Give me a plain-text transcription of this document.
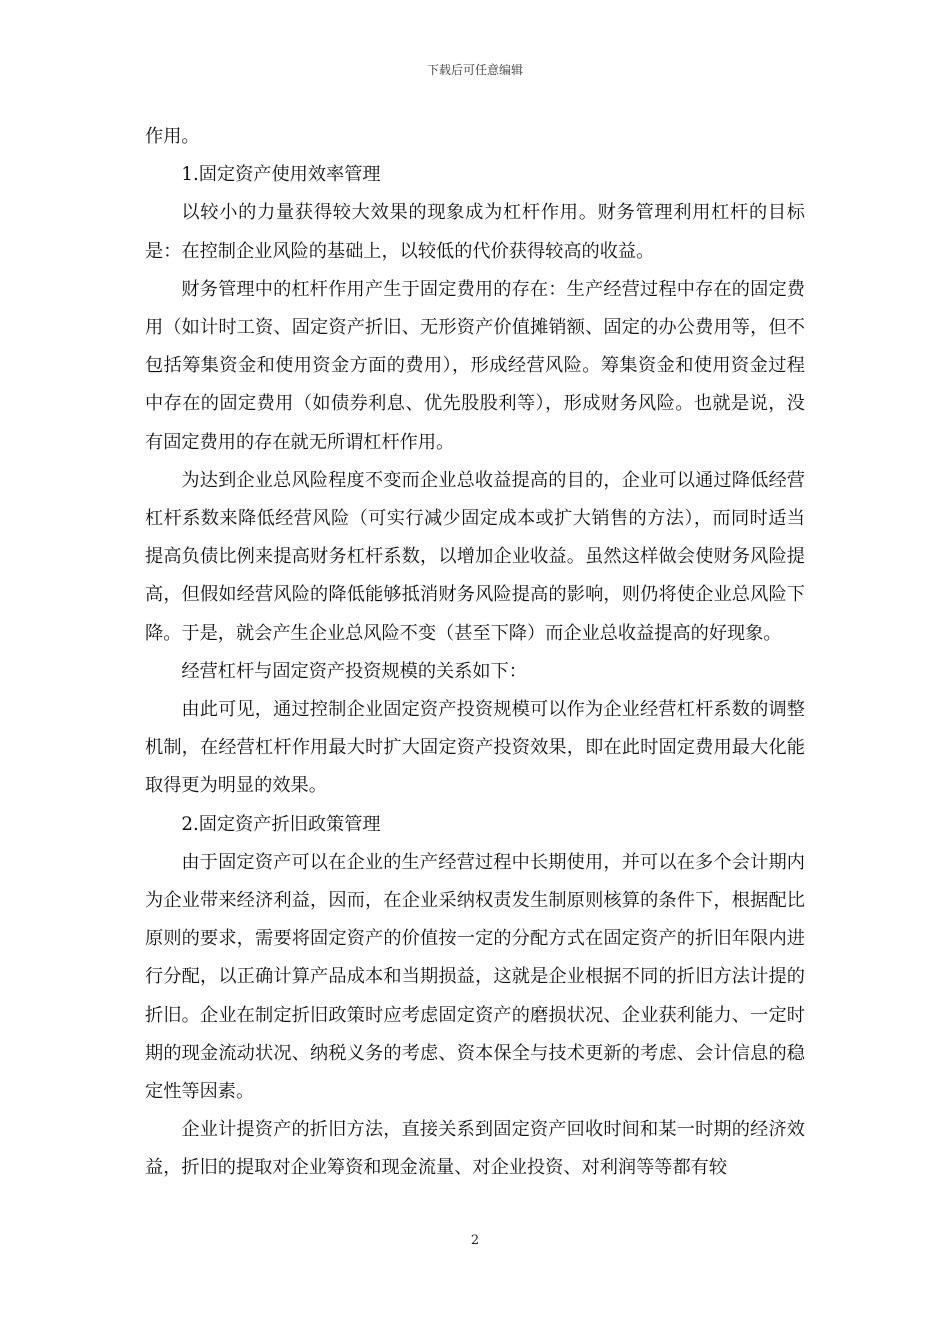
下载后可任意编辑

作用。

1.固定资产使用效率管理

以较小的力量获得较大效果的现象成为杠杆作用。财务管理利用杠杆的目标是：在控制企业风险的基础上，以较低的代价获得较高的收益。

财务管理中的杠杆作用产生于固定费用的存在：生产经营过程中存在的固定费用（如计时工资、固定资产折旧、无形资产价值摊销额、固定的办公费用等，但不包括筹集资金和使用资金方面的费用），形成经营风险。筹集资金和使用资金过程中存在的固定费用（如债券利息、优先股股利等），形成财务风险。也就是说，没有固定费用的存在就无所谓杠杆作用。

为达到企业总风险程度不变而企业总收益提高的目的，企业可以通过降低经营杠杆系数来降低经营风险（可实行减少固定成本或扩大销售的方法），而同时适当提高负债比例来提高财务杠杆系数，以增加企业收益。虽然这样做会使财务风险提高，但假如经营风险的降低能够抵消财务风险提高的影响，则仍将使企业总风险下降。于是，就会产生企业总风险不变（甚至下降）而企业总收益提高的好现象。

经营杠杆与固定资产投资规模的关系如下：

由此可见，通过控制企业固定资产投资规模可以作为企业经营杠杆系数的调整机制，在经营杠杆作用最大时扩大固定资产投资效果，即在此时固定费用最大化能取得更为明显的效果。

2.固定资产折旧政策管理

由于固定资产可以在企业的生产经营过程中长期使用，并可以在多个会计期内为企业带来经济利益，因而，在企业采纳权责发生制原则核算的条件下，根据配比原则的要求，需要将固定资产的价值按一定的分配方式在固定资产的折旧年限内进行分配，以正确计算产品成本和当期损益，这就是企业根据不同的折旧方法计提的折旧。企业在制定折旧政策时应考虑固定资产的磨损状况、企业获利能力、一定时期的现金流动状况、纳税义务的考虑、资本保全与技术更新的考虑、会计信息的稳定性等因素。

企业计提资产的折旧方法，直接关系到固定资产回收时间和某一时期的经济效益，折旧的提取对企业筹资和现金流量、对企业投资、对利润等等都有较

2
